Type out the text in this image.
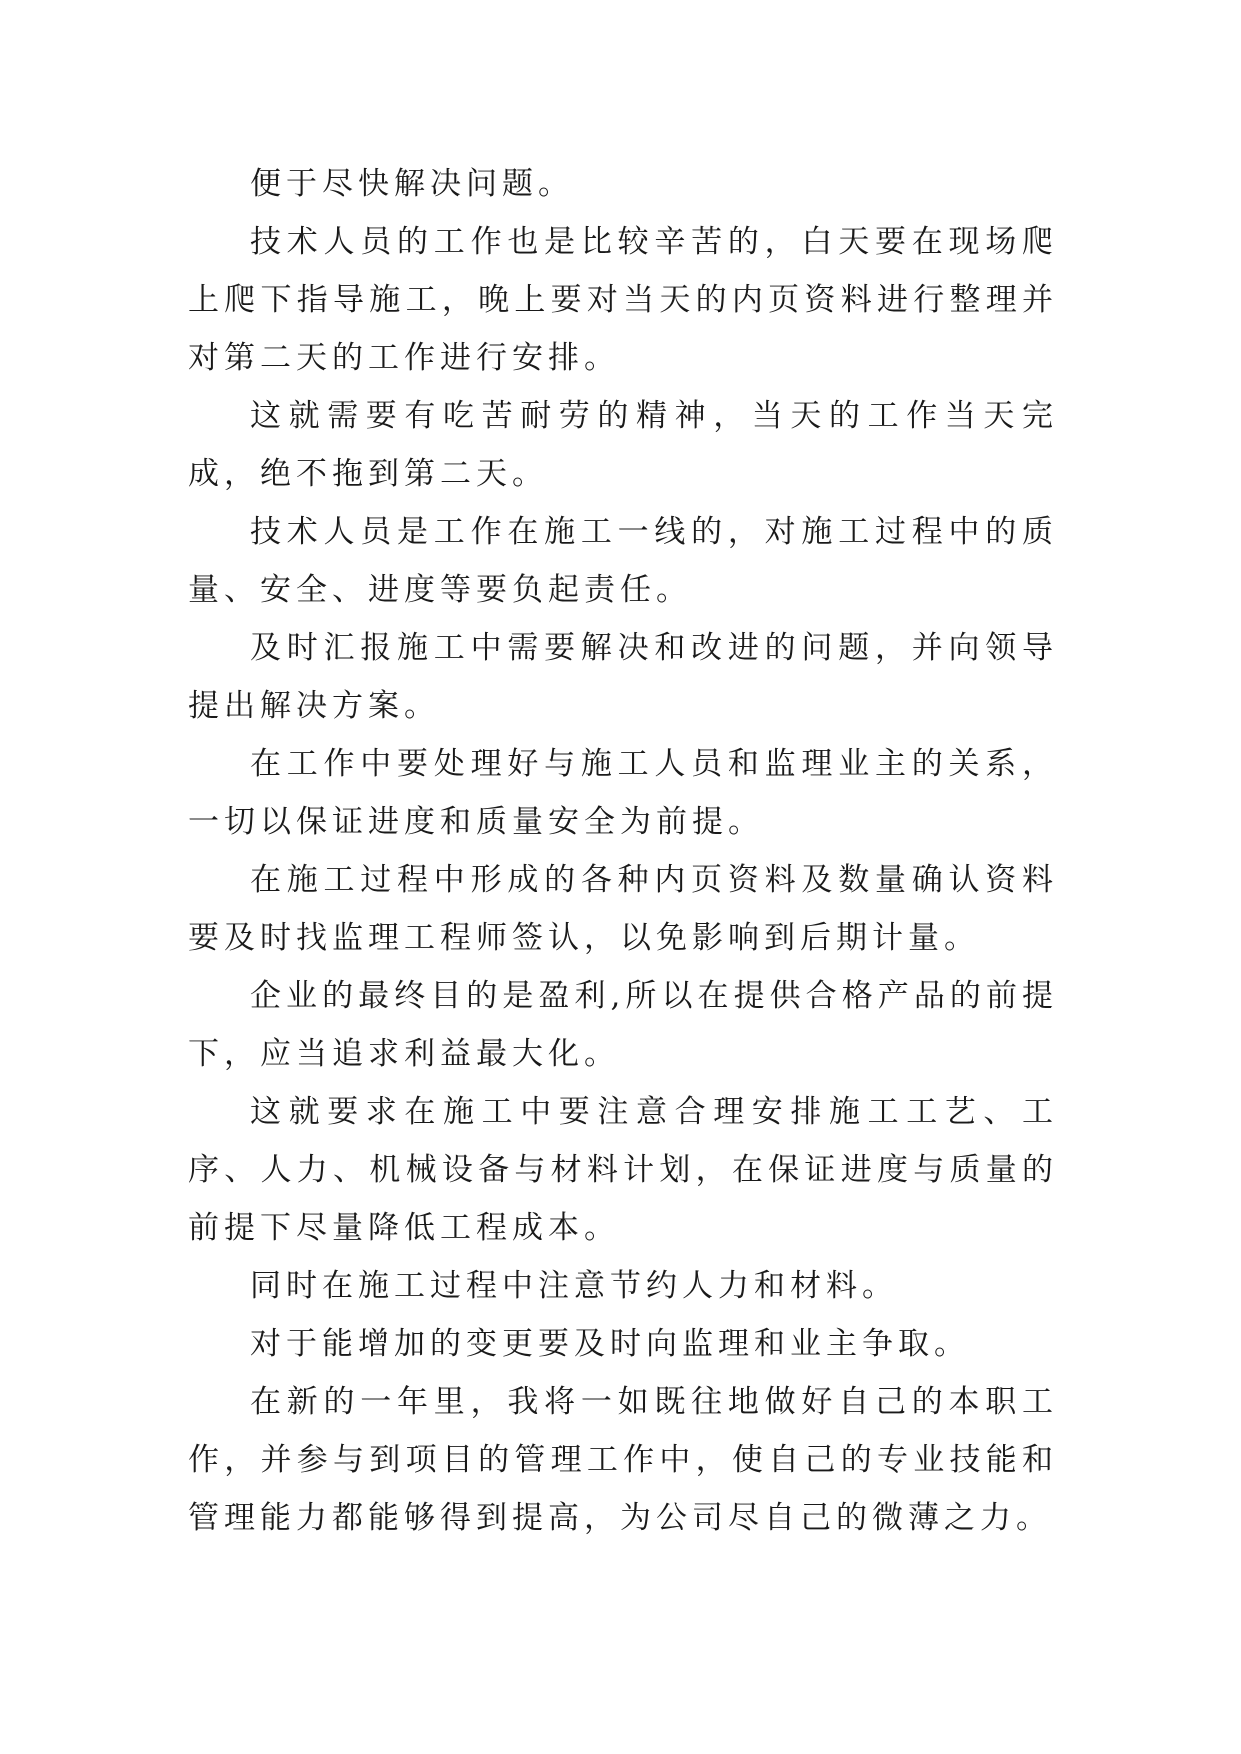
便于尽快解决问题。

技术人员的工作也是比较辛苦的，白天要在现场爬上爬下指导施工，晚上要对当天的内页资料进行整理并对第二天的工作进行安排。

这就需要有吃苦耐劳的精神，当天的工作当天完成，绝不拖到第二天。

技术人员是工作在施工一线的，对施工过程中的质量、安全、进度等要负起责任。

及时汇报施工中需要解决和改进的问题，并向领导提出解决方案。

在工作中要处理好与施工人员和监理业主的关系，一切以保证进度和质量安全为前提。

在施工过程中形成的各种内页资料及数量确认资料要及时找监理工程师签认，以免影响到后期计量。

企业的最终目的是盈利,所以在提供合格产品的前提下，应当追求利益最大化。

这就要求在施工中要注意合理安排施工工艺、工序、人力、机械设备与材料计划，在保证进度与质量的前提下尽量降低工程成本。

同时在施工过程中注意节约人力和材料。

对于能增加的变更要及时向监理和业主争取。

在新的一年里，我将一如既往地做好自己的本职工作，并参与到项目的管理工作中，使自己的专业技能和管理能力都能够得到提高，为公司尽自己的微薄之力。
